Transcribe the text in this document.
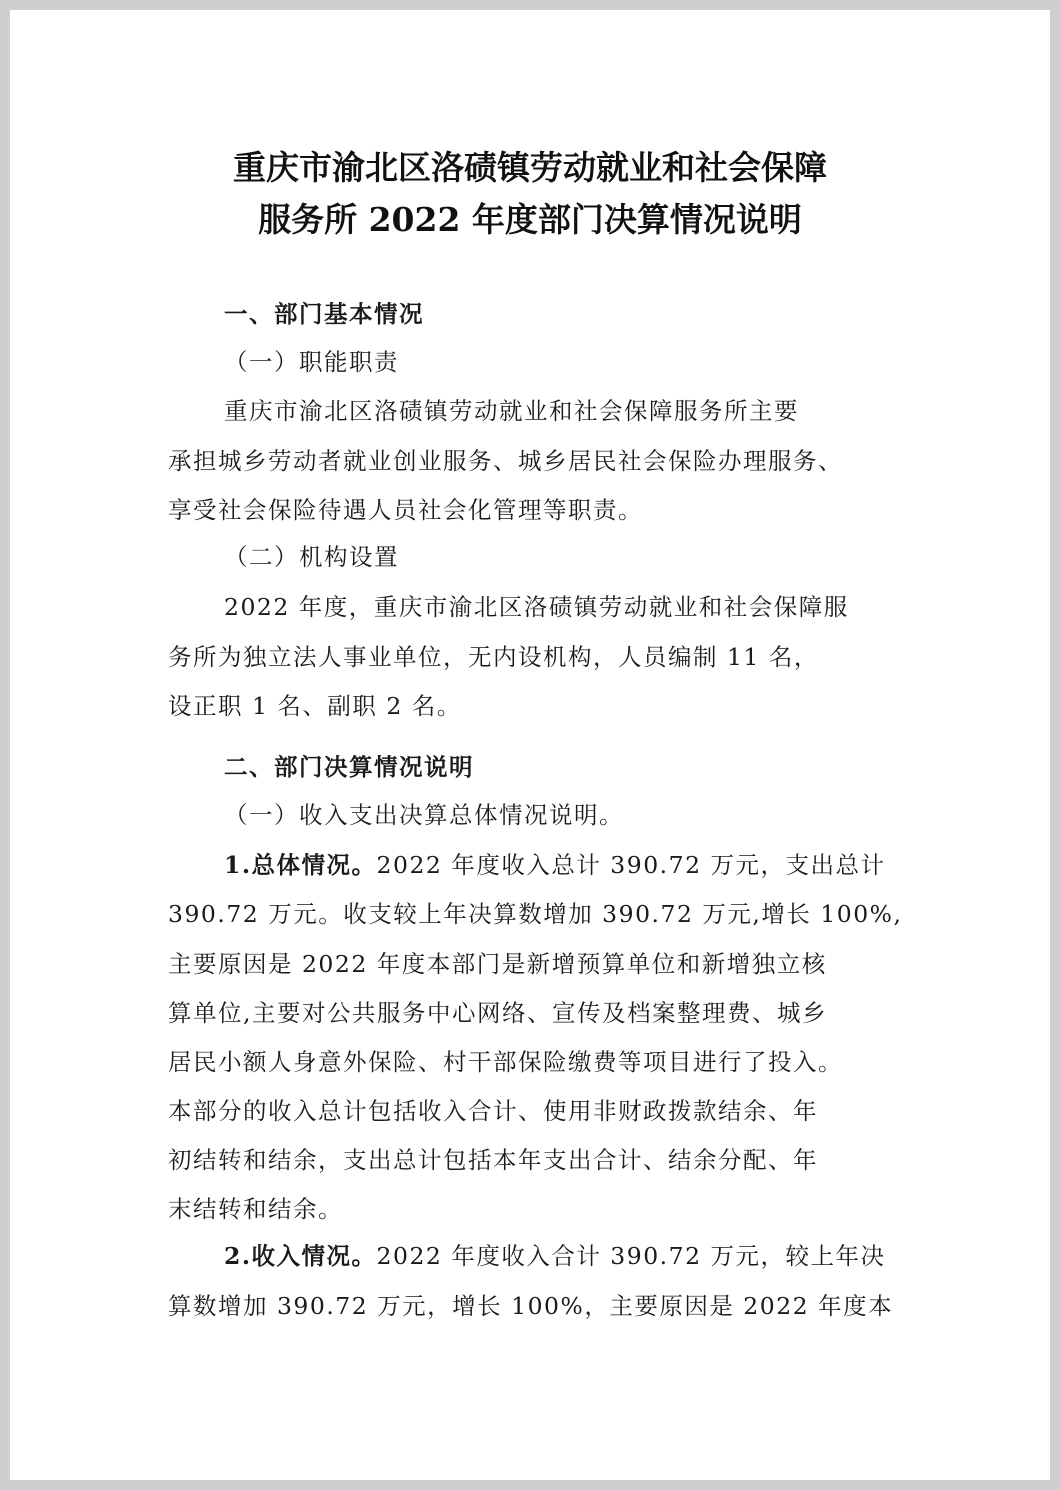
重庆市渝北区洛碛镇劳动就业和社会保障
服务所 2022 年度部门决算情况说明
一、部门基本情况
（一）职能职责
重庆市渝北区洛碛镇劳动就业和社会保障服务所主要
承担城乡劳动者就业创业服务、城乡居民社会保险办理服务、
享受社会保险待遇人员社会化管理等职责。
（二）机构设置
2022 年度，重庆市渝北区洛碛镇劳动就业和社会保障服
务所为独立法人事业单位，无内设机构，人员编制 11 名，
设正职 1 名、副职 2 名。
二、部门决算情况说明
（一）收入支出决算总体情况说明。
1.总体情况。2022 年度收入总计 390.72 万元，支出总计
390.72 万元。收支较上年决算数增加 390.72 万元,增长 100%,
主要原因是 2022 年度本部门是新增预算单位和新增独立核
算单位,主要对公共服务中心网络、宣传及档案整理费、城乡
居民小额人身意外保险、村干部保险缴费等项目进行了投入。
本部分的收入总计包括收入合计、使用非财政拨款结余、年
初结转和结余，支出总计包括本年支出合计、结余分配、年
末结转和结余。
2.收入情况。2022 年度收入合计 390.72 万元，较上年决
算数增加 390.72 万元，增长 100%，主要原因是 2022 年度本
